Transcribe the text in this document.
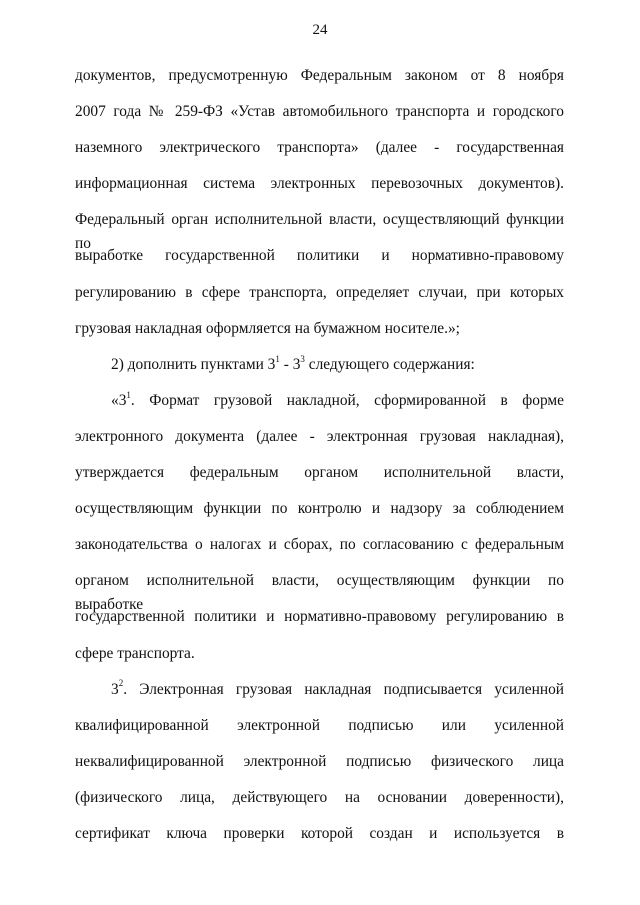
24
документов, предусмотренную Федеральным законом от 8 ноября
2007 года № 259-ФЗ «Устав автомобильного транспорта и городского
наземного электрического транспорта» (далее - государственная
информационная система электронных перевозочных документов).
Федеральный орган исполнительной власти, осуществляющий функции по
выработке государственной политики и нормативно-правовому
регулированию в сфере транспорта, определяет случаи, при которых
грузовая накладная оформляется на бумажном носителе.»;
2) дополнить пунктами $3^1 - 3^3$ следующего содержания:
«$3^1$. Формат грузовой накладной, сформированной в форме
электронного документа (далее - электронная грузовая накладная),
утверждается федеральным органом исполнительной власти,
осуществляющим функции по контролю и надзору за соблюдением
законодательства о налогах и сборах, по согласованию с федеральным
органом исполнительной власти, осуществляющим функции по выработке
государственной политики и нормативно-правовому регулированию в
сфере транспорта.
$3^2$. Электронная грузовая накладная подписывается усиленной
квалифицированной электронной подписью или усиленной
неквалифицированной электронной подписью физического лица
(физического лица, действующего на основании доверенности),
сертификат ключа проверки которой создан и используется в
